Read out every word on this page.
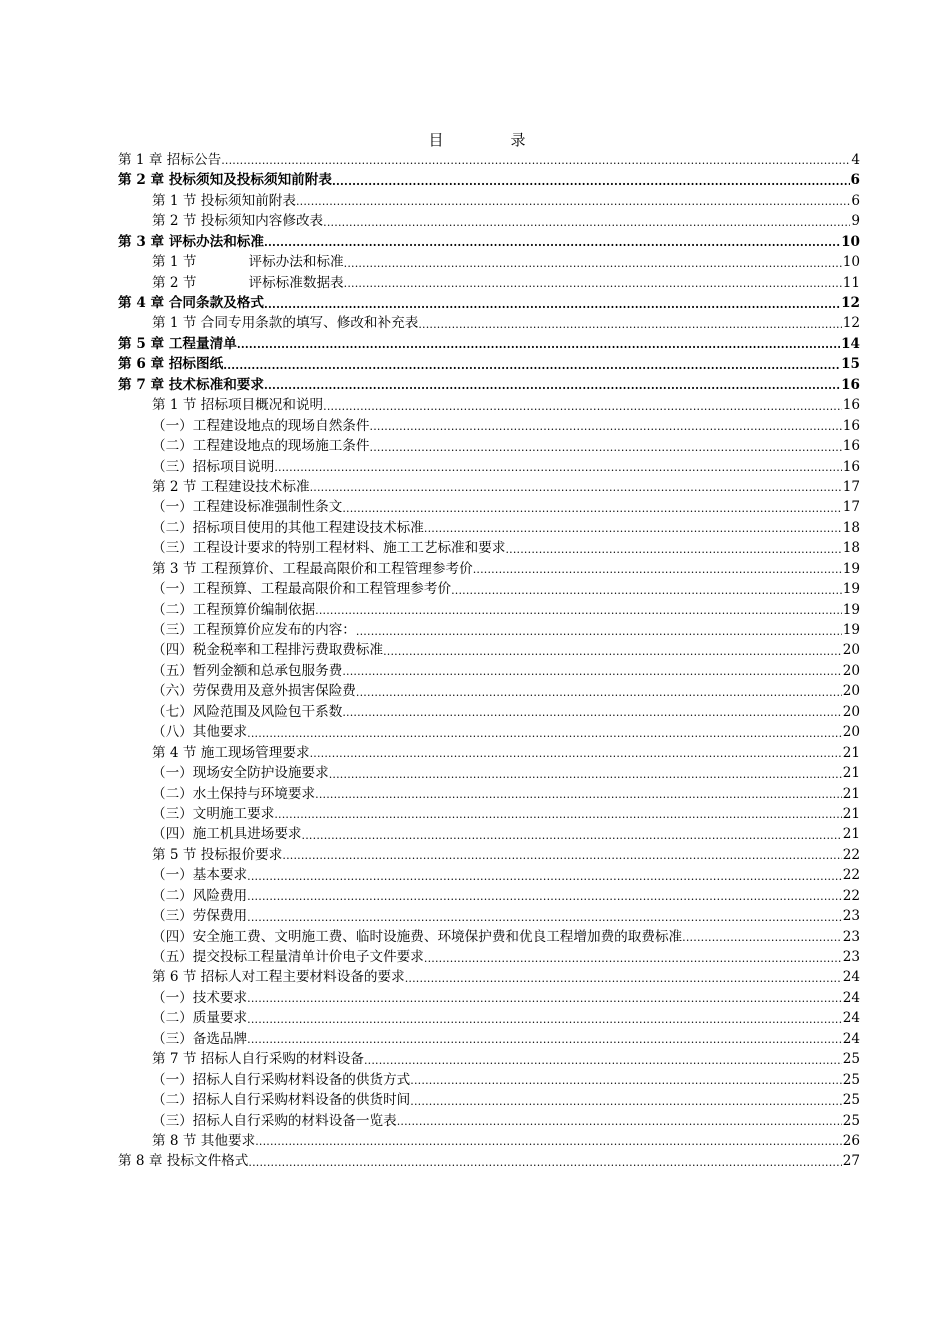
目　录
第 1 章 招标公告 .....	4
第 2 章 投标须知及投标须知前附表 .....	6
第 1 节 投标须知前附表 .....	6
第 2 节 投标须知内容修改表 .....	9
第 3 章 评标办法和标准 .....	10
第 1 节	评标办法和标准 .....	10
第 2 节	评标标准数据表 .....	11
第 4 章 合同条款及格式 .....	12
第 1 节 合同专用条款的填写、修改和补充表 .....	12
第 5 章 工程量清单 .....	14
第 6 章 招标图纸 .....	15
第 7 章 技术标准和要求 .....	16
第 1 节 招标项目概况和说明 .....	16
（一）工程建设地点的现场自然条件 .....	16
（二）工程建设地点的现场施工条件 .....	16
（三）招标项目说明 .....	16
第 2 节 工程建设技术标准 .....	17
（一）工程建设标准强制性条文 .....	17
（二）招标项目使用的其他工程建设技术标准 .....	18
（三）工程设计要求的特别工程材料、施工工艺标准和要求 .....	18
第 3 节 工程预算价、工程最高限价和工程管理参考价 .....	19
（一）工程预算、工程最高限价和工程管理参考价 .....	19
（二）工程预算价编制依据 .....	19
（三）工程预算价应发布的内容： .....	19
（四）税金税率和工程排污费取费标准 .....	20
（五）暂列金额和总承包服务费 .....	20
（六）劳保费用及意外损害保险费 .....	20
（七）风险范围及风险包干系数 .....	20
（八）其他要求 .....	20
第 4 节 施工现场管理要求 .....	21
（一）现场安全防护设施要求 .....	21
（二）水土保持与环境要求 .....	21
（三）文明施工要求 .....	21
（四）施工机具进场要求 .....	21
第 5 节 投标报价要求 .....	22
（一）基本要求 .....	22
（二）风险费用 .....	22
（三）劳保费用 .....	23
（四）安全施工费、文明施工费、临时设施费、环境保护费和优良工程增加费的取费标准 .....	23
（五）提交投标工程量清单计价电子文件要求 .....	23
第 6 节 招标人对工程主要材料设备的要求 .....	24
（一）技术要求 .....	24
（二）质量要求 .....	24
（三）备选品牌 .....	24
第 7 节 招标人自行采购的材料设备 .....	25
（一）招标人自行采购材料设备的供货方式 .....	25
（二）招标人自行采购材料设备的供货时间 .....	25
（三）招标人自行采购的材料设备一览表 .....	25
第 8 节 其他要求 .....	26
第 8 章 投标文件格式 .....	27
